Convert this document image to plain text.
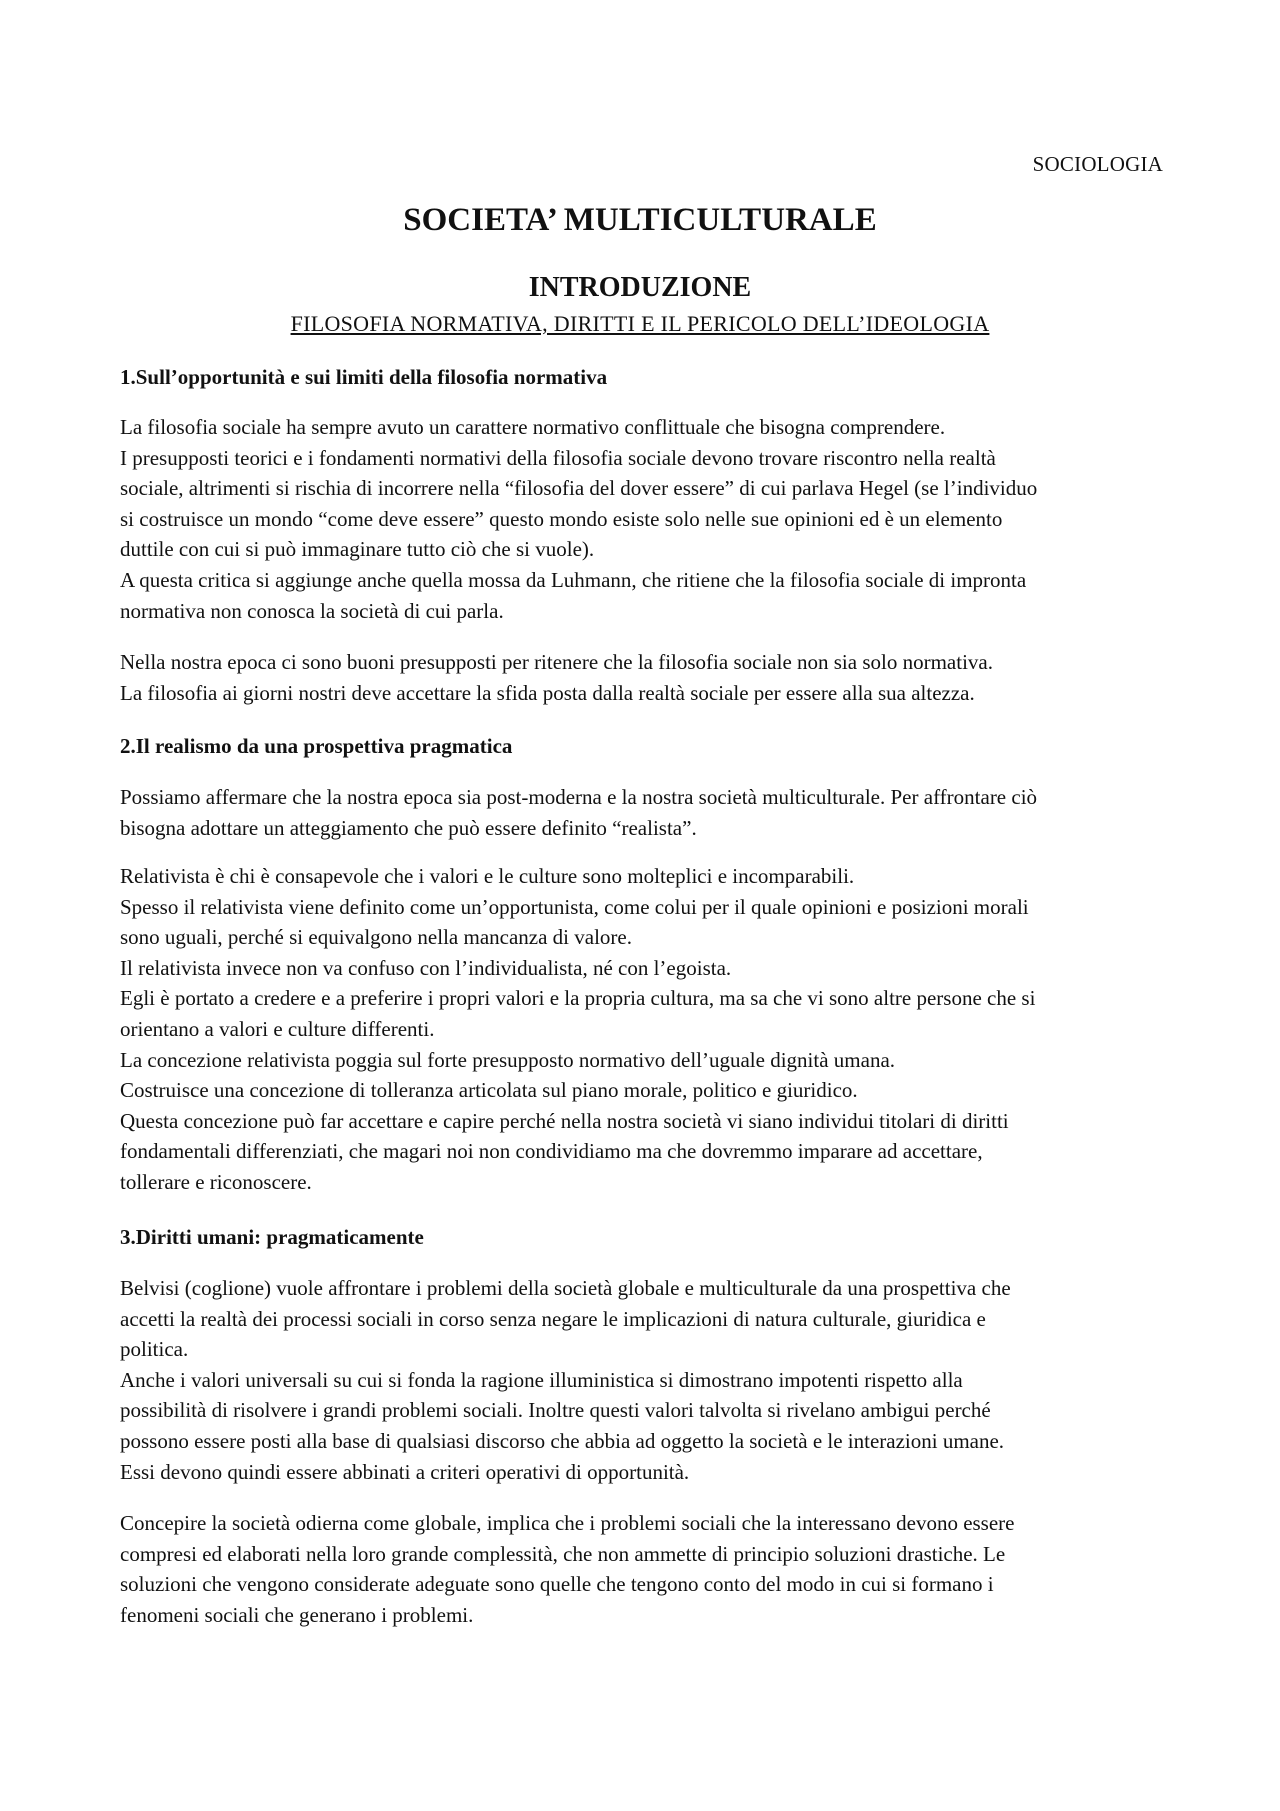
SOCIOLOGIA
SOCIETA’ MULTICULTURALE
INTRODUZIONE
FILOSOFIA NORMATIVA, DIRITTI E IL PERICOLO DELL’IDEOLOGIA

1.Sull’opportunità e sui limiti della filosofia normativa

La filosofia sociale ha sempre avuto un carattere normativo conflittuale che bisogna comprendere.
I presupposti teorici e i fondamenti normativi della filosofia sociale devono trovare riscontro nella realtà
sociale, altrimenti si rischia di incorrere nella “filosofia del dover essere” di cui parlava Hegel (se l’individuo
si costruisce un mondo “come deve essere” questo mondo esiste solo nelle sue opinioni ed è un elemento
duttile con cui si può immaginare tutto ciò che si vuole).
A questa critica si aggiunge anche quella mossa da Luhmann, che ritiene che la filosofia sociale di impronta
normativa non conosca la società di cui parla.

Nella nostra epoca ci sono buoni presupposti per ritenere che la filosofia sociale non sia solo normativa.
La filosofia ai giorni nostri deve accettare la sfida posta dalla realtà sociale per essere alla sua altezza.

2.Il realismo da una prospettiva pragmatica

Possiamo affermare che la nostra epoca sia post-moderna e la nostra società multiculturale. Per affrontare ciò
bisogna adottare un atteggiamento che può essere definito “realista”.

Relativista è chi è consapevole che i valori e le culture sono molteplici e incomparabili.
Spesso il relativista viene definito come un’opportunista, come colui per il quale opinioni e posizioni morali
sono uguali, perché si equivalgono nella mancanza di valore.
Il relativista invece non va confuso con l’individualista, né con l’egoista.
Egli è portato a credere e a preferire i propri valori e la propria cultura, ma sa che vi sono altre persone che si
orientano a valori e culture differenti.
La concezione relativista poggia sul forte presupposto normativo dell’uguale dignità umana.
Costruisce una concezione di tolleranza articolata sul piano morale, politico e giuridico.
Questa concezione può far accettare e capire perché nella nostra società vi siano individui titolari di diritti
fondamentali differenziati, che magari noi non condividiamo ma che dovremmo imparare ad accettare,
tollerare e riconoscere.

3.Diritti umani: pragmaticamente

Belvisi (coglione) vuole affrontare i problemi della società globale e multiculturale da una prospettiva che
accetti la realtà dei processi sociali in corso senza negare le implicazioni di natura culturale, giuridica e
politica.
Anche i valori universali su cui si fonda la ragione illuministica si dimostrano impotenti rispetto alla
possibilità di risolvere i grandi problemi sociali. Inoltre questi valori talvolta si rivelano ambigui perché
possono essere posti alla base di qualsiasi discorso che abbia ad oggetto la società e le interazioni umane.
Essi devono quindi essere abbinati a criteri operativi di opportunità.

Concepire la società odierna come globale, implica che i problemi sociali che la interessano devono essere
compresi ed elaborati nella loro grande complessità, che non ammette di principio soluzioni drastiche. Le
soluzioni che vengono considerate adeguate sono quelle che tengono conto del modo in cui si formano i
fenomeni sociali che generano i problemi.
